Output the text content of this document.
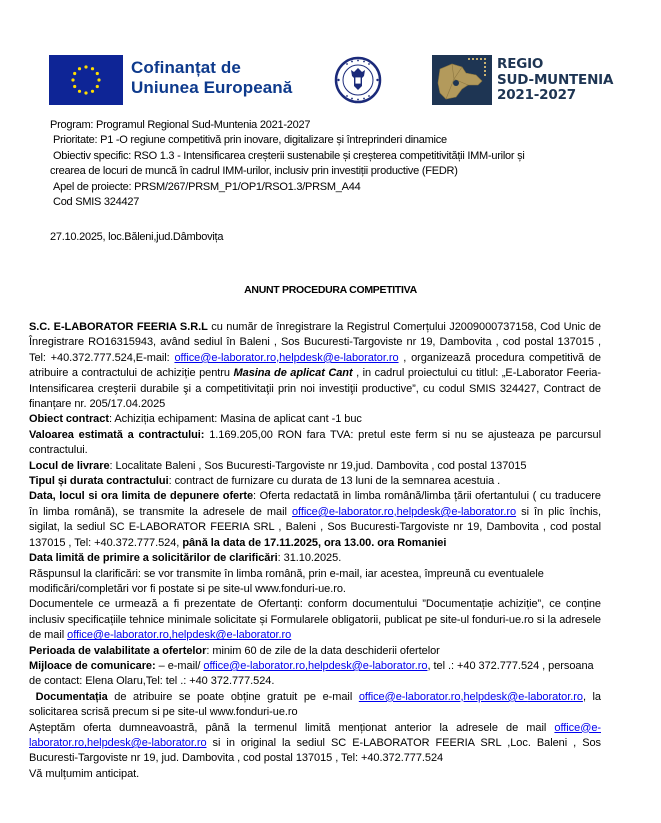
Cofinanțat de
Uniunea Europeană
REGIO
SUD-MUNTENIA
2021-2027
Program: Programul Regional Sud-Muntenia 2021-2027
Prioritate: P1 -O regiune competitivă prin inovare, digitalizare și întreprinderi dinamice
Obiectiv specific: RSO 1.3 - Intensificarea creșterii sustenabile și creșterea competitivității IMM-urilor și
crearea de locuri de muncă în cadrul IMM-urilor, inclusiv prin investiții productive (FEDR)
Apel de proiecte: PRSM/267/PRSM_P1/OP1/RSO1.3/PRSM_A44
Cod SMIS 324427
27.10.2025, loc.Băleni,jud.Dâmbovița
ANUNT PROCEDURA COMPETITIVA

S.C. E-LABORATOR FEERIA S.R.L cu număr de înregistrare la Registrul Comerțului J2009000737158, Cod Unic de Înregistrare RO16315943, având sediul în Baleni , Sos Bucuresti-Targoviste nr 19, Dambovita , cod postal 137015 , Tel: +40.372.777.524,E-mail: office@e-laborator.ro,helpdesk@e-laborator.ro , organizează procedura competitivă de atribuire a contractului de achiziție pentru Masina de aplicat Cant , in cadrul proiectului cu titlul: „E-Laborator Feeria-Intensificarea creşterii durabile şi a competitivitaţii prin noi investiţii productive”, cu codul SMIS 324427, Contract de finanțare nr. 205/17.04.2025

Obiect contract: Achiziția echipament: Masina de aplicat cant -1 buc

Valoarea estimată a contractului: 1.169.205,00 RON fara TVA: pretul este ferm si nu se ajusteaza pe parcursul contractului.

Locul de livrare: Localitate Baleni , Sos Bucuresti-Targoviste nr 19,jud. Dambovita , cod postal 137015

Tipul și durata contractului: contract de furnizare cu durata de 13 luni de la semnarea acestuia .

Data, locul si ora limita de depunere oferte: Oferta redactată in limba română/limba țării ofertantului ( cu traducere în limba română), se transmite la adresele de mail office@e-laborator.ro,helpdesk@e-laborator.ro si în plic închis, sigilat, la sediul SC E-LABORATOR FEERIA SRL , Baleni , Sos Bucuresti-Targoviste nr 19, Dambovita , cod postal 137015 , Tel: +40.372.777.524, până la data de 17.11.2025, ora 13.00. ora Romaniei

Data limită de primire a solicitărilor de clarificări: 31.10.2025.

Răspunsul la clarificări: se vor transmite în limba română, prin e-mail, iar acestea, împreună cu eventualele modificări/completări vor fi postate si pe site-ul www.fonduri-ue.ro.

Documentele ce urmează a fi prezentate de Ofertanți: conform documentului ”Documentație achiziție”, ce conține inclusiv specificațiile tehnice minimale solicitate și Formularele obligatorii, publicat pe site-ul fonduri-ue.ro si la adresele de mail office@e-laborator.ro,helpdesk@e-laborator.ro

Perioada de valabilitate a ofertelor: minim 60 de zile de la data deschiderii ofertelor

Mijloace de comunicare: – e-mail/ office@e-laborator.ro,helpdesk@e-laborator.ro, tel .: +40 372.777.524 , persoana de contact: Elena Olaru,Tel: tel .: +40 372.777.524.

Documentația de atribuire se poate obține gratuit pe e-mail office@e-laborator.ro,helpdesk@e-laborator.ro, la solicitarea scrisă precum si pe site-ul www.fonduri-ue.ro

Așteptăm oferta dumneavoastră, până la termenul limită menționat anterior la adresele de mail office@e-laborator.ro,helpdesk@e-laborator.ro si in original la sediul SC E-LABORATOR FEERIA SRL ,Loc. Baleni , Sos Bucuresti-Targoviste nr 19, jud. Dambovita , cod postal 137015 , Tel: +40.372.777.524

Vă mulțumim anticipat.
